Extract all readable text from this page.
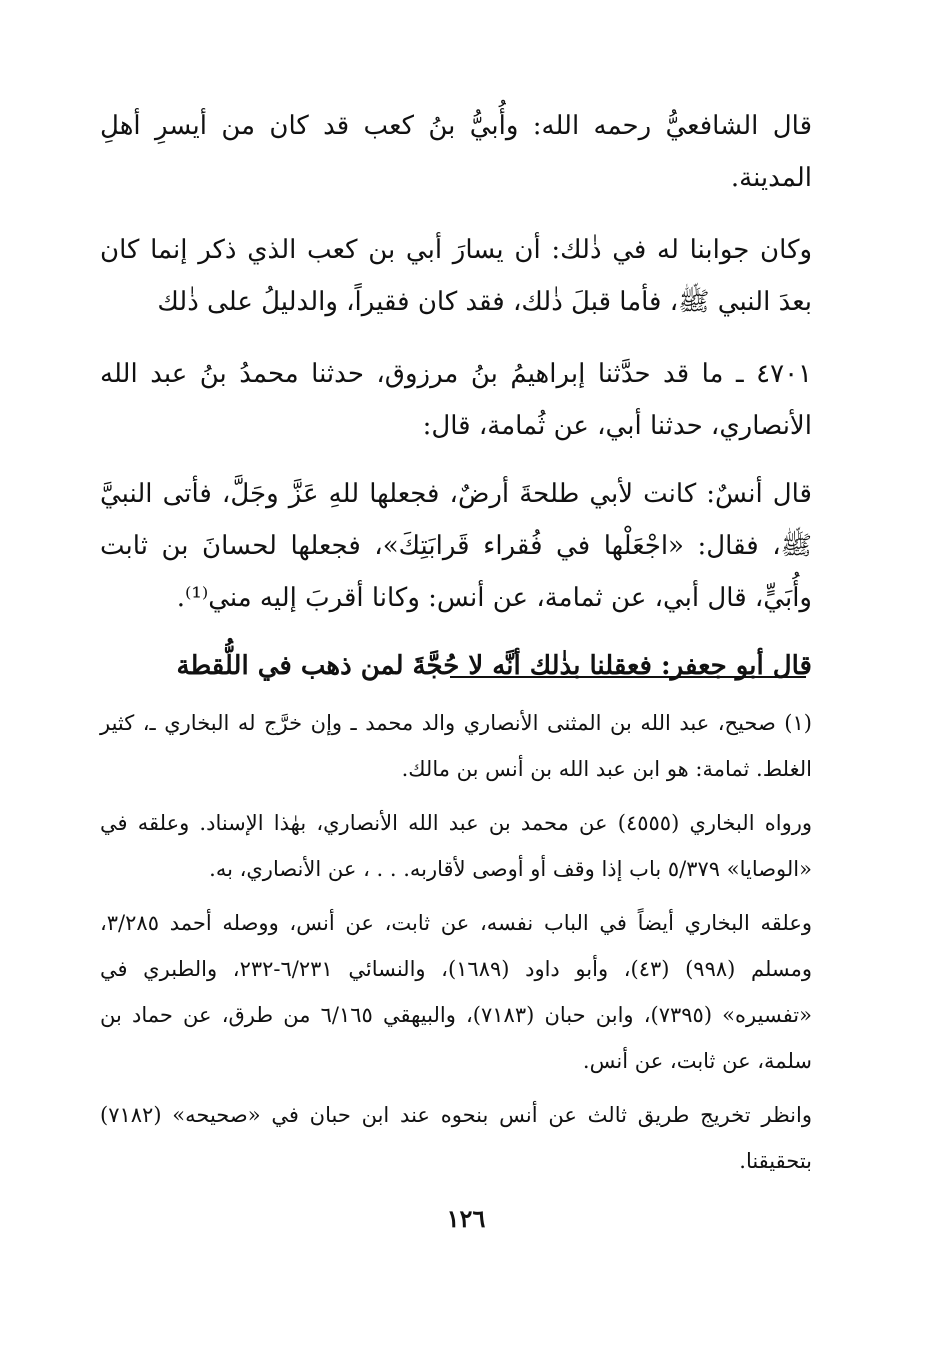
قال الشافعيُّ رحمه الله: وأُبيُّ بنُ كعب قد كان من أيسرِ أهلِ المدينة.

وكان جوابنا له في ذٰلك: أن يسارَ أبي بن كعب الذي ذكر إنما كان بعدَ النبي ﷺ، فأما قبلَ ذٰلك، فقد كان فقيراً، والدليلُ على ذٰلك

٤٧٠١ ـ ما قد حدَّثنا إبراهيمُ بنُ مرزوق، حدثنا محمدُ بنُ عبد الله الأنصاري، حدثنا أبي، عن ثُمامة، قال:

قال أنسٌ: كانت لأبي طلحةَ أرضٌ، فجعلها للهِ عَزَّ وجَلَّ، فأتى النبيَّ ﷺ، فقال: «اجْعَلْها في فُقراء قَرابَتِكَ»، فجعلها لحسانَ بن ثابت وأُبَيٍّ، قال أبي، عن ثمامة، عن أنس: وكانا أقربَ إليه مني⁽¹⁾.

قال أبو جعفر: فعقلنا بذٰلك أنَّه لا حُجَّةَ لمن ذهب في اللُّقطة

(١) صحيح، عبد الله بن المثنى الأنصاري والد محمد ـ وإن خرَّج له البخاري ـ، كثير الغلط. ثمامة: هو ابن عبد الله بن أنس بن مالك.

ورواه البخاري (٤٥٥٥) عن محمد بن عبد الله الأنصاري، بهٰذا الإسناد. وعلقه في «الوصايا» ٥/٣٧٩ باب إذا وقف أو أوصى لأقاربه. . . ، عن الأنصاري، به.

وعلقه البخاري أيضاً في الباب نفسه، عن ثابت، عن أنس، ووصله أحمد ٣/٢٨٥، ومسلم (٩٩٨) (٤٣)، وأبو داود (١٦٨٩)، والنسائي ٦/٢٣١-٢٣٢، والطبري في «تفسيره» (٧٣٩٥)، وابن حبان (٧١٨٣)، والبيهقي ٦/١٦٥ من طرق، عن حماد بن سلمة، عن ثابت، عن أنس.

وانظر تخريج طريق ثالث عن أنس بنحوه عند ابن حبان في «صحيحه» (٧١٨٢) بتحقيقنا.

١٢٦
